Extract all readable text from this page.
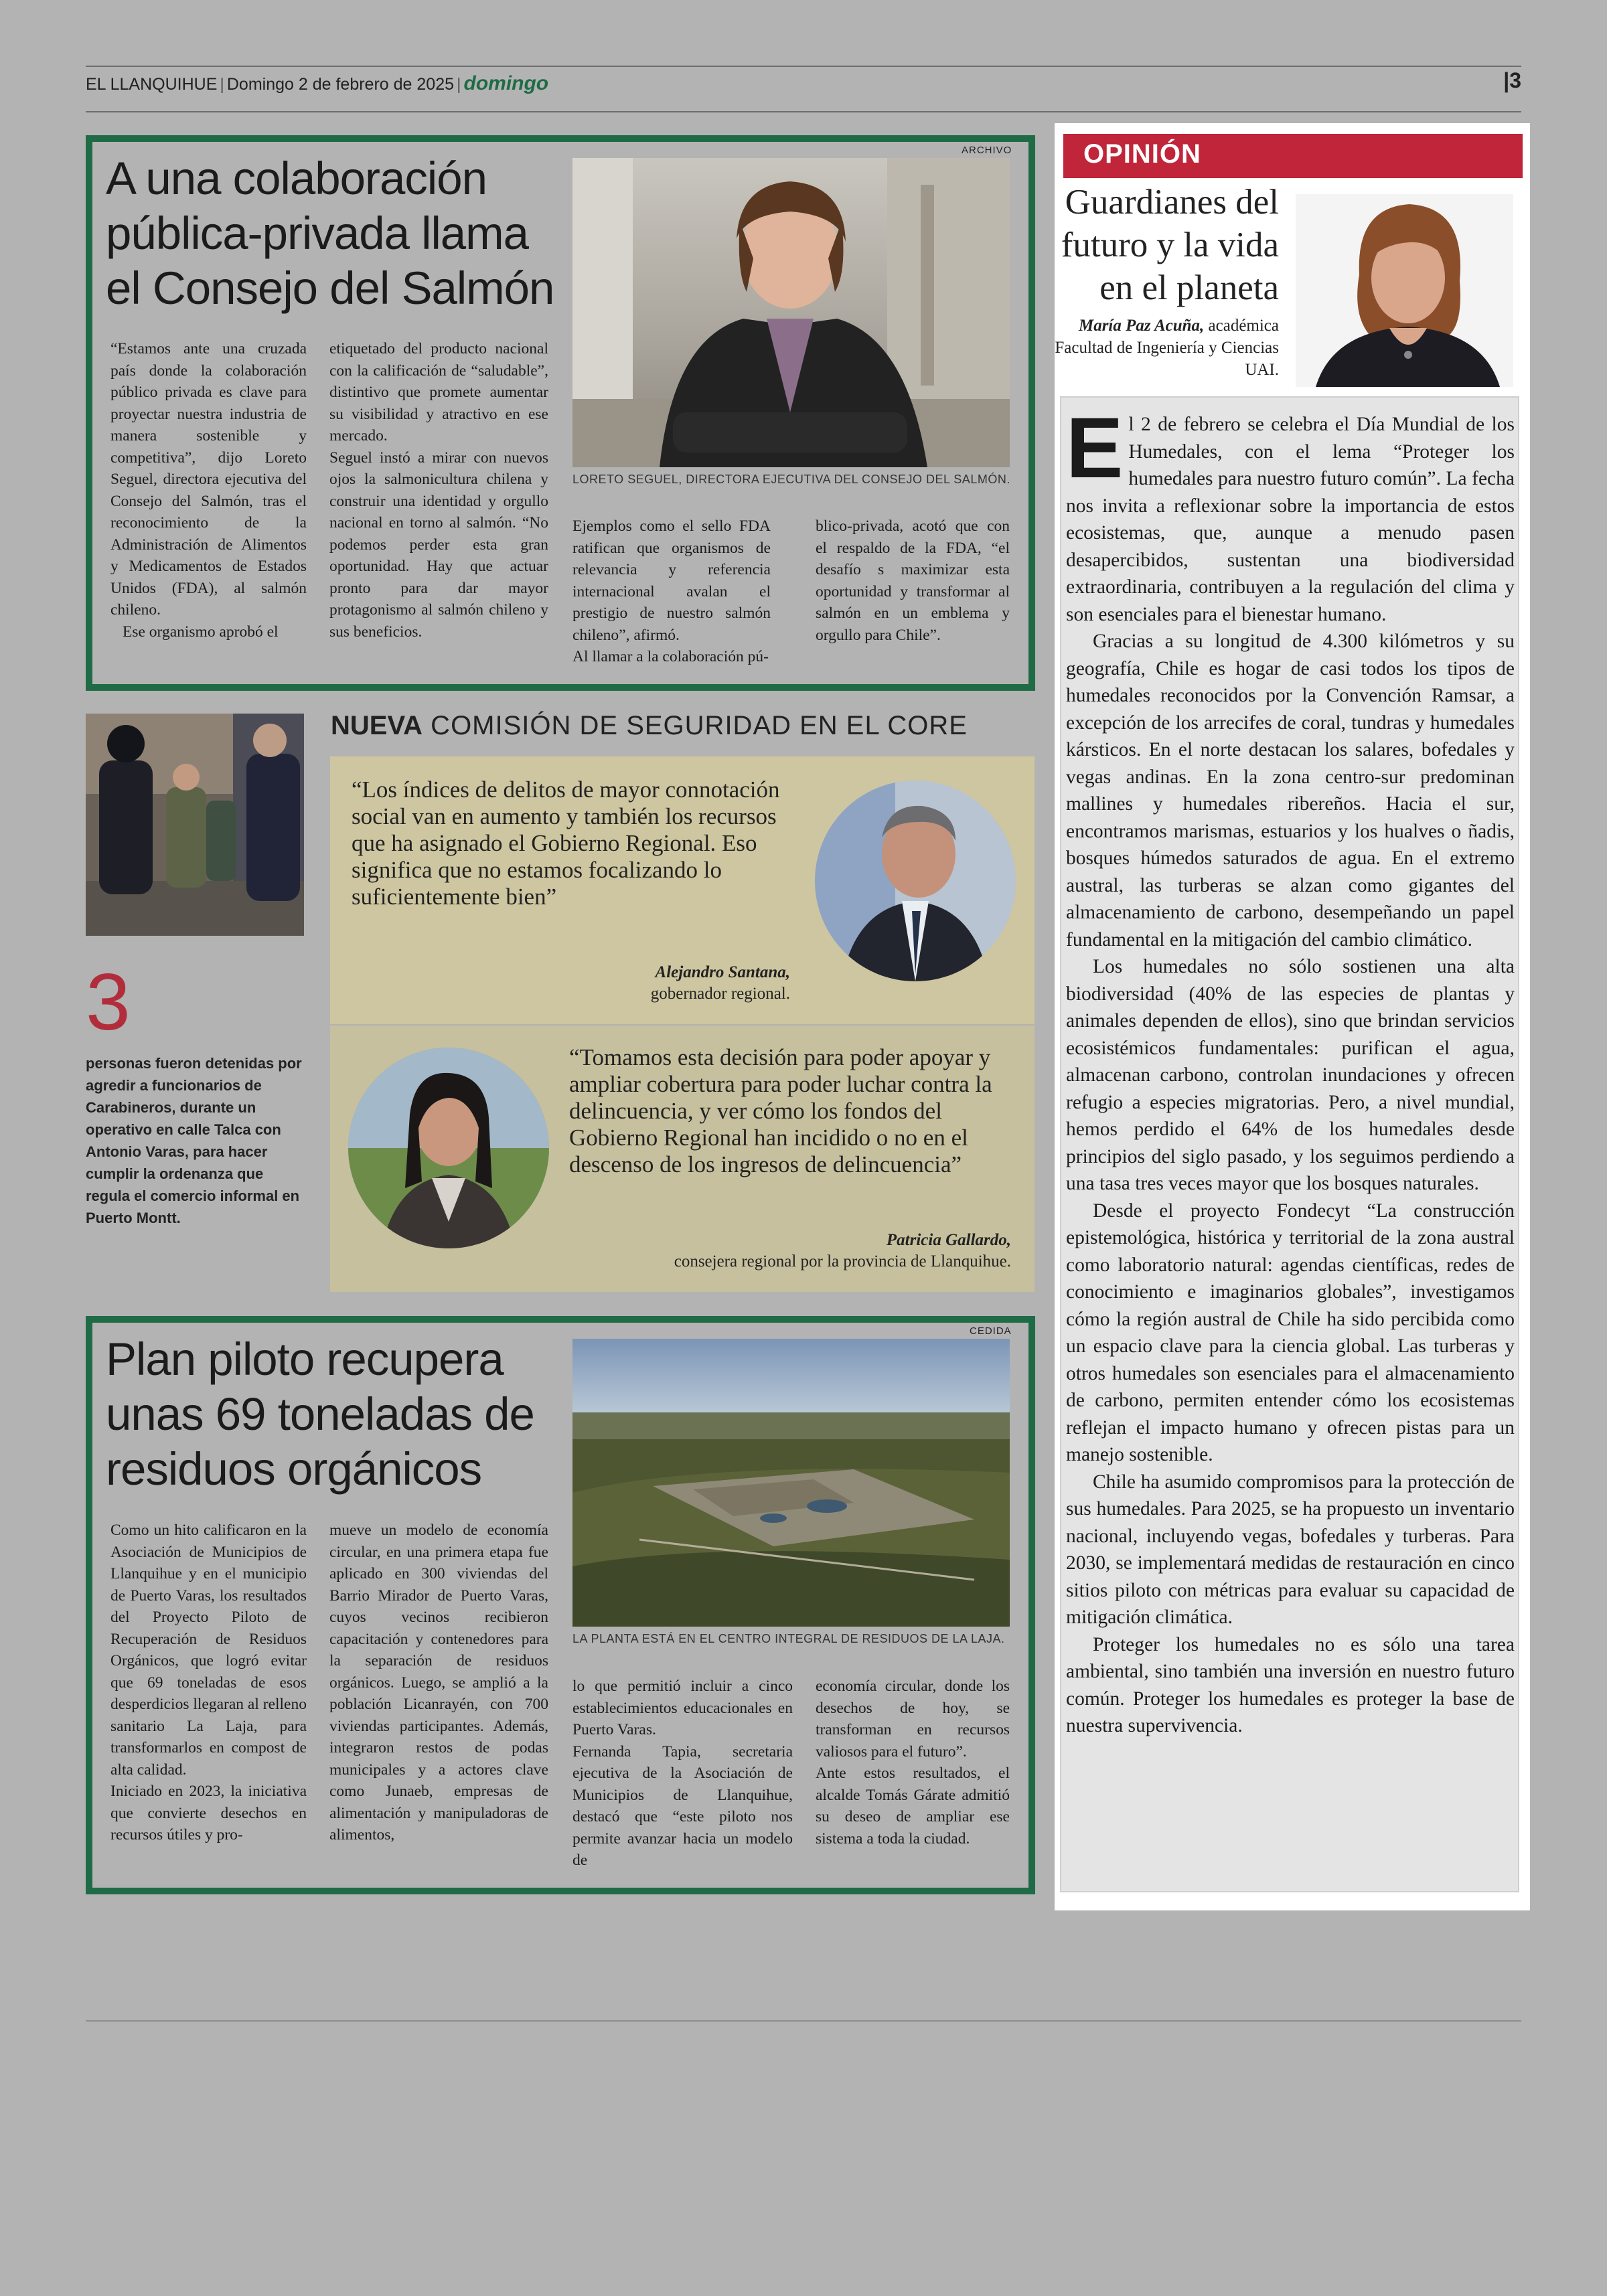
EL LLANQUIHUE | Domingo 2 de febrero de 2025 | domingo	|3
A una colaboración pública-privada llama el Consejo del Salmón
ARCHIVO
LORETO SEGUEL, DIRECTORA EJECUTIVA DEL CONSEJO DEL SALMÓN.

“Estamos ante una cruzada país donde la colaboración público privada es clave para proyectar nuestra industria de manera sostenible y competitiva”, dijo Loreto Seguel, directora ejecutiva del Consejo del Salmón, tras el reconocimiento de la Administración de Alimentos y Medicamentos de Estados Unidos (FDA), al salmón chileno.

Ese organismo aprobó el

etiquetado del producto nacional con la calificación de “saludable”, distintivo que promete aumentar su visibilidad y atractivo en ese mercado.

Seguel instó a mirar con nuevos ojos la salmonicultura chilena y construir una identidad y orgullo nacional en torno al salmón. “No podemos perder esta gran oportunidad. Hay que actuar pronto para dar mayor protagonismo al salmón chileno y sus beneficios.

Ejemplos como el sello FDA ratifican que organismos de relevancia y referencia internacional avalan el prestigio de nuestro salmón chileno”, afirmó.

Al llamar a la colaboración pú-

blico-privada, acotó que con el respaldo de la FDA, “el desafío s maximizar esta oportunidad y transformar al salmón en un emblema y orgullo para Chile”.

NUEVA COMISIÓN DE SEGURIDAD EN EL CORE
“Los índices de delitos de mayor connotación social van en aumento y también los recursos que ha asignado el Gobierno Regional. Eso significa que no estamos focalizando lo suficientemente bien”
Alejandro Santana,
gobernador regional.
“Tomamos esta decisión para poder apoyar y ampliar cobertura para poder luchar contra la delincuencia, y ver cómo los fondos del Gobierno Regional han incidido o no en el descenso de los ingresos de delincuencia”
Patricia Gallardo,
consejera regional por la provincia de Llanquihue.
3
personas fueron detenidas por agredir a funcionarios de Carabineros, durante un operativo en calle Talca con Antonio Varas, para hacer cumplir la ordenanza que regula el comercio informal en Puerto Montt.
Plan piloto recupera unas 69 toneladas de residuos orgánicos
CEDIDA
LA PLANTA ESTÁ EN EL CENTRO INTEGRAL DE RESIDUOS DE LA LAJA.

Como un hito calificaron en la Asociación de Municipios de Llanquihue y en el municipio de Puerto Varas, los resultados del Proyecto Piloto de Recuperación de Residuos Orgánicos, que logró evitar que 69 toneladas de esos desperdicios llegaran al relleno sanitario La Laja, para transformarlos en compost de alta calidad.

Iniciado en 2023, la iniciativa que convierte desechos en recursos útiles y pro-

mueve un modelo de economía circular, en una primera etapa fue aplicado en 300 viviendas del Barrio Mirador de Puerto Varas, cuyos vecinos recibieron capacitación y contenedores para la separación de residuos orgánicos. Luego, se amplió a la población Licanrayén, con 700 viviendas participantes. Además, integraron restos de podas municipales y a actores clave como Junaeb, empresas de alimentación y manipuladoras de alimentos,

lo que permitió incluir a cinco establecimientos educacionales en Puerto Varas.

Fernanda Tapia, secretaria ejecutiva de la Asociación de Municipios de Llanquihue, destacó que “este piloto nos permite avanzar hacia un modelo de

economía circular, donde los desechos de hoy, se transforman en recursos valiosos para el futuro”.

Ante estos resultados, el alcalde Tomás Gárate admitió su deseo de ampliar ese sistema a toda la ciudad.

OPINIÓN
Guardianes del futuro y la vida en el planeta
María Paz Acuña, académica Facultad de Ingeniería y Ciencias UAI.

El 2 de febrero se celebra el Día Mundial de los Humedales, con el lema “Proteger los humedales para nuestro futuro común”. La fecha nos invita a reflexionar sobre la importancia de estos ecosistemas, que, aunque a menudo pasen desapercibidos, sustentan una biodiversidad extraordinaria, contribuyen a la regulación del clima y son esenciales para el bienestar humano.

Gracias a su longitud de 4.300 kilómetros y su geografía, Chile es hogar de casi todos los tipos de humedales reconocidos por la Convención Ramsar, a excepción de los arrecifes de coral, tundras y humedales kársticos. En el norte destacan los salares, bofedales y vegas andinas. En la zona centro-sur predominan mallines y humedales ribereños. Hacia el sur, encontramos marismas, estuarios y los hualves o ñadis, bosques húmedos saturados de agua. En el extremo austral, las turberas se alzan como gigantes del almacenamiento de carbono, desempeñando un papel fundamental en la mitigación del cambio climático.

Los humedales no sólo sostienen una alta biodiversidad (40% de las especies de plantas y animales dependen de ellos), sino que brindan servicios ecosistémicos fundamentales: purifican el agua, almacenan carbono, controlan inundaciones y ofrecen refugio a especies migratorias. Pero, a nivel mundial, hemos perdido el 64% de los humedales desde principios del siglo pasado, y los seguimos perdiendo a una tasa tres veces mayor que los bosques naturales.

Desde el proyecto Fondecyt “La construcción epistemológica, histórica y territorial de la zona austral como laboratorio natural: agendas científicas, redes de conocimiento e imaginarios globales”, investigamos cómo la región austral de Chile ha sido percibida como un espacio clave para la ciencia global. Las turberas y otros humedales son esenciales para el almacenamiento de carbono, permiten entender cómo los ecosistemas reflejan el impacto humano y ofrecen pistas para un manejo sostenible.

Chile ha asumido compromisos para la protección de sus humedales. Para 2025, se ha propuesto un inventario nacional, incluyendo vegas, bofedales y turberas. Para 2030, se implementará medidas de restauración en cinco sitios piloto con métricas para evaluar su capacidad de mitigación climática.

Proteger los humedales no es sólo una tarea ambiental, sino también una inversión en nuestro futuro común. Proteger los humedales es proteger la base de nuestra supervivencia.
